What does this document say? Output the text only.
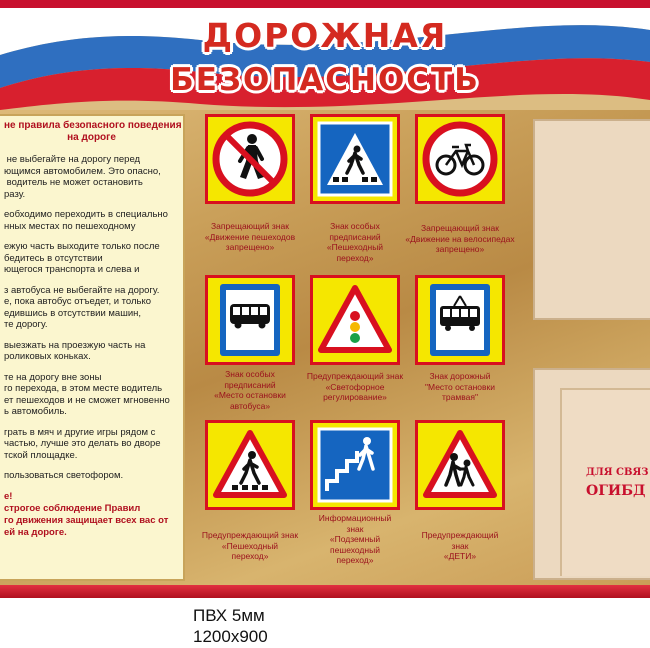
ДОРОЖНАЯ
БЕЗОПАСНОСТЬ
не правила безопасного поведения
на дороге
не выбегайте на дорогу перед
ющимся автомобилем. Это опасно,
водитель не может остановить
разу.
еобходимо переходить в специально
нных местах по пешеходному
ежую часть выходите только после
бедитесь в отсутствии
ющегося транспорта и слева и
з автобуса не выбегайте на дорогу.
е, пока автобус отъедет, и только
едившись в отсутствии машин,
те дорогу.
выезжать на проезжую часть на
роликовых коньках.
те на дорогу вне зоны
го перехода, в этом месте водитель
ет пешеходов и не сможет мгновенно
ь автомобиль.
грать в мяч и другие игры рядом с
частью, лучше это делать во дворе
тской площадке.
пользоваться светофором.
е!
строгое соблюдение Правил
го движения защищает всех вас от
ей на дороге.
Запрещающий знак
«Движение пешеходов
запрещено»
Знак особых
предписаний
«Пешеходный
переход»
Запрещающий знак
«Движение на велосипедах
запрещено»
Знак особых
предписаний
«Место остановки
автобуса»
Предупреждающий знак
«Светофорное
регулирование»
Знак дорожный
"Место остановки
трамвая"
Предупреждающий знак
«Пешеходный
переход»
Информационный
знак
«Подземный
пешеходный
переход»
Предупреждающий
знак
«ДЕТИ»
ДЛЯ СВЯЗ
ОГИБД
ПВХ 5мм
1200х900
